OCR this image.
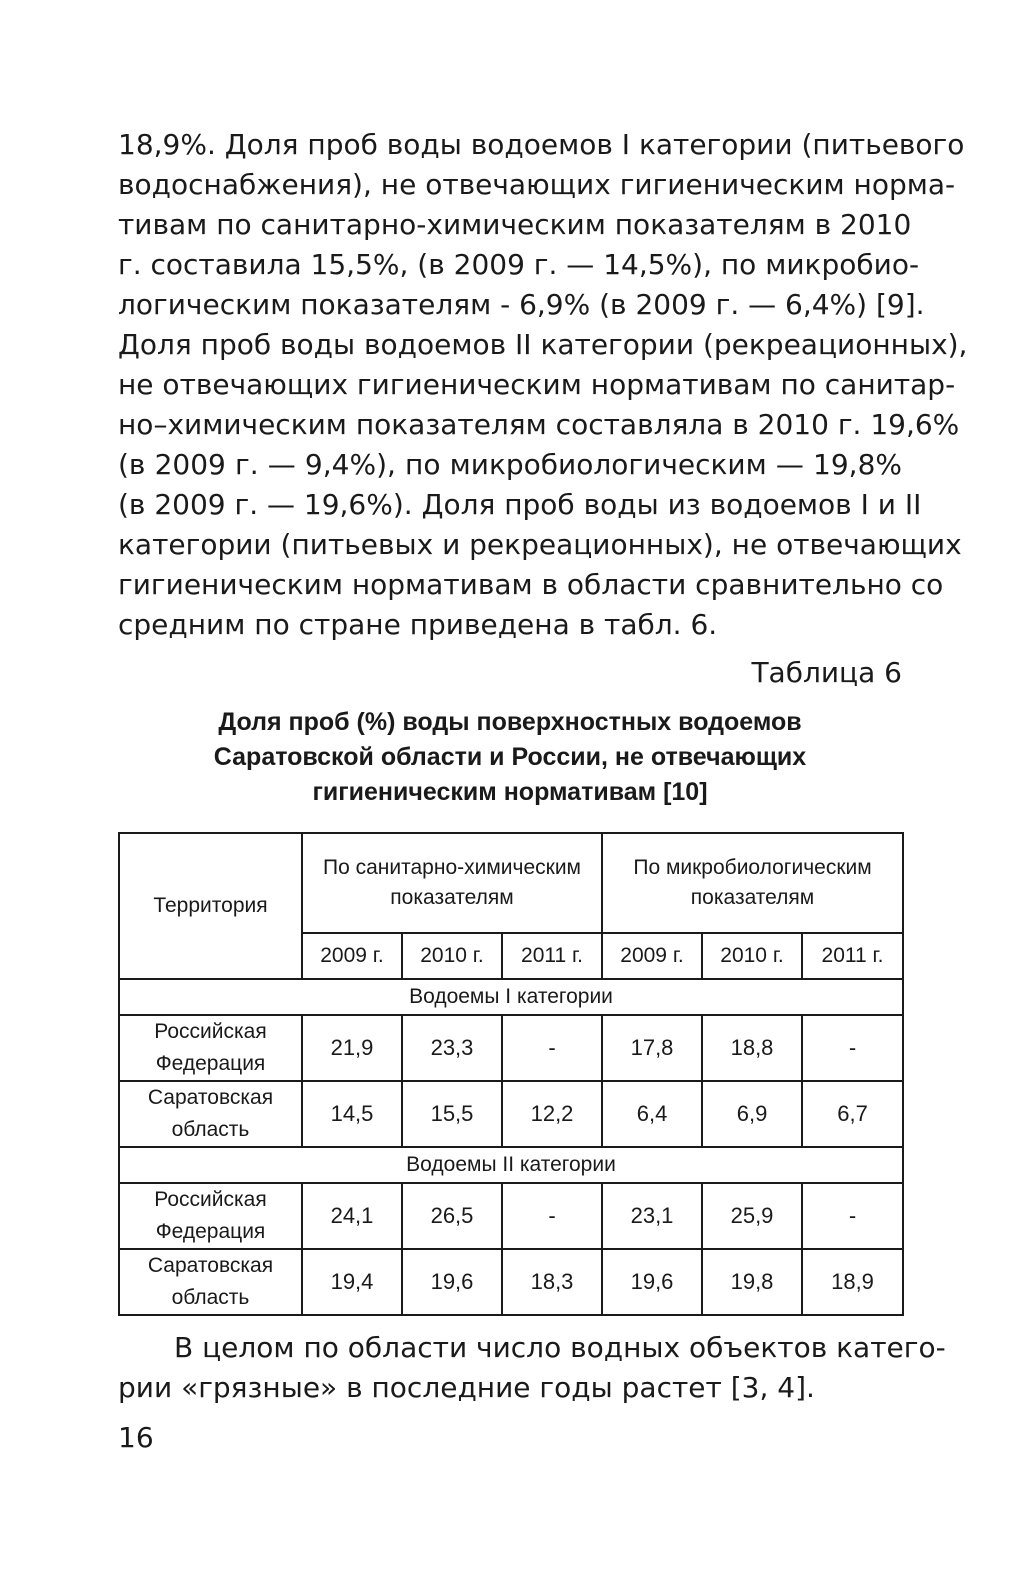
18,9%. Доля проб воды водоемов I категории (питьевого
водоснабжения), не отвечающих гигиеническим норма-
тивам по санитарно-химическим показателям в 2010
г. составила 15,5%, (в 2009 г. — 14,5%), по микробио-
логическим показателям - 6,9% (в 2009 г. — 6,4%) [9].
Доля проб воды водоемов II категории (рекреационных),
не отвечающих гигиеническим нормативам по санитар-
но–химическим показателям составляла в 2010 г. 19,6%
(в 2009 г. — 9,4%), по микробиологическим — 19,8%
(в 2009 г. — 19,6%). Доля проб воды из водоемов I и II
категории (питьевых и рекреационных), не отвечающих
гигиеническим нормативам в области сравнительно со
средним по стране приведена в табл. 6.

Таблица 6
Доля проб (%) воды поверхностных водоемов
Саратовской области и России, не отвечающих
гигиеническим нормативам [10]
Территория	По санитарно-химическим показателям			По микробиологическим показателям		
	2009 г.	2010 г.	2011 г.	2009 г.	2010 г.	2011 г.
Водоемы I категории						
Российская Федерация	21,9	23,3	-	17,8	18,8	-
Саратовская область	14,5	15,5	12,2	6,4	6,9	6,7
Водоемы II категории						
Российская Федерация	24,1	26,5	-	23,1	25,9	-
Саратовская область	19,4	19,6	18,3	19,6	19,8	18,9

В целом по области число водных объектов катего-
рии «грязные» в последние годы растет [3, 4].

16
